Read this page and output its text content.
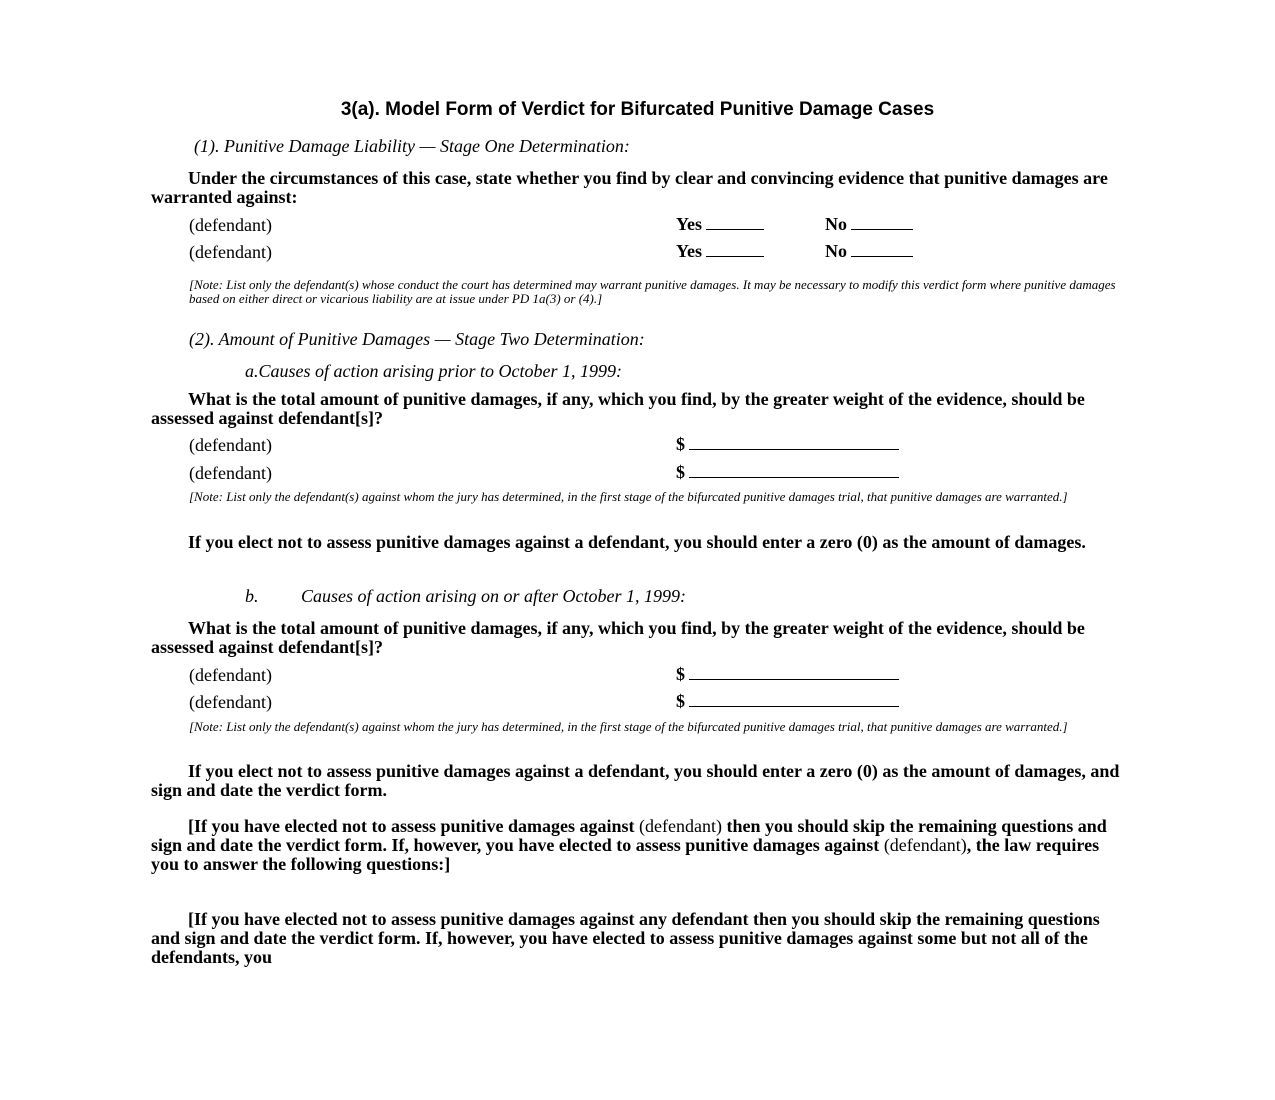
3(a). Model Form of Verdict for Bifurcated Punitive Damage Cases
(1). Punitive Damage Liability — Stage One Determination:
Under the circumstances of this case, state whether you find by clear and convincing evidence that punitive damages are warranted against:
(defendant)	Yes	No
(defendant)	Yes	No
[Note: List only the defendant(s) whose conduct the court has determined may warrant punitive damages. It may be necessary to modify this verdict form where punitive damages based on either direct or vicarious liability are at issue under PD 1a(3) or (4).]
(2). Amount of Punitive Damages — Stage Two Determination:
a.Causes of action arising prior to October 1, 1999:
What is the total amount of punitive damages, if any, which you find, by the greater weight of the evidence, should be assessed against defendant[s]?
(defendant)	$
(defendant)	$
[Note: List only the defendant(s) against whom the jury has determined, in the first stage of the bifurcated punitive damages trial, that punitive damages are warranted.]
If you elect not to assess punitive damages against a defendant, you should enter a zero (0) as the amount of damages.
b. Causes of action arising on or after October 1, 1999:
What is the total amount of punitive damages, if any, which you find, by the greater weight of the evidence, should be assessed against defendant[s]?
(defendant)	$
(defendant)	$
[Note: List only the defendant(s) against whom the jury has determined, in the first stage of the bifurcated punitive damages trial, that punitive damages are warranted.]
If you elect not to assess punitive damages against a defendant, you should enter a zero (0) as the amount of damages, and sign and date the verdict form.
[If you have elected not to assess punitive damages against (defendant) then you should skip the remaining questions and sign and date the verdict form. If, however, you have elected to assess punitive damages against (defendant), the law requires you to answer the following questions:]
[If you have elected not to assess punitive damages against any defendant then you should skip the remaining questions and sign and date the verdict form. If, however, you have elected to assess punitive damages against some but not all of the defendants, you
